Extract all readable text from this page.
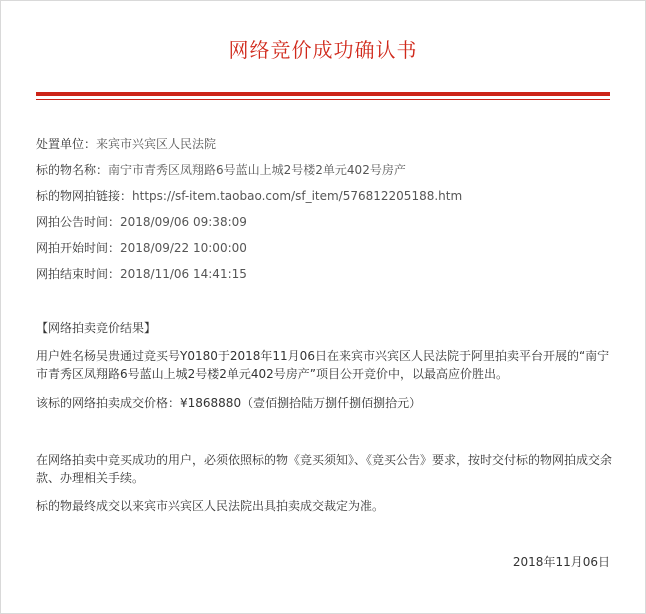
网络竞价成功确认书
处置单位：来宾市兴宾区人民法院
标的物名称：南宁市青秀区凤翔路6号蓝山上城2号楼2单元402号房产
标的物网拍链接：https://sf-item.taobao.com/sf_item/576812205188.htm
网拍公告时间：2018/09/06 09:38:09
网拍开始时间：2018/09/22 10:00:00
网拍结束时间：2018/11/06 14:41:15
【网络拍卖竞价结果】
用户姓名杨吴贵通过竞买号Y0180于2018年11月06日在来宾市兴宾区人民法院于阿里拍卖平台开展的“南宁市青秀区凤翔路6号蓝山上城2号楼2单元402号房产”项目公开竞价中，以最高应价胜出。
该标的网络拍卖成交价格：¥1868880（壹佰捌拾陆万捌仟捌佰捌拾元）
在网络拍卖中竞买成功的用户，必须依照标的物《竞买须知》、《竞买公告》要求，按时交付标的物网拍成交余款、办理相关手续。
标的物最终成交以来宾市兴宾区人民法院出具拍卖成交裁定为准。
2018年11月06日
